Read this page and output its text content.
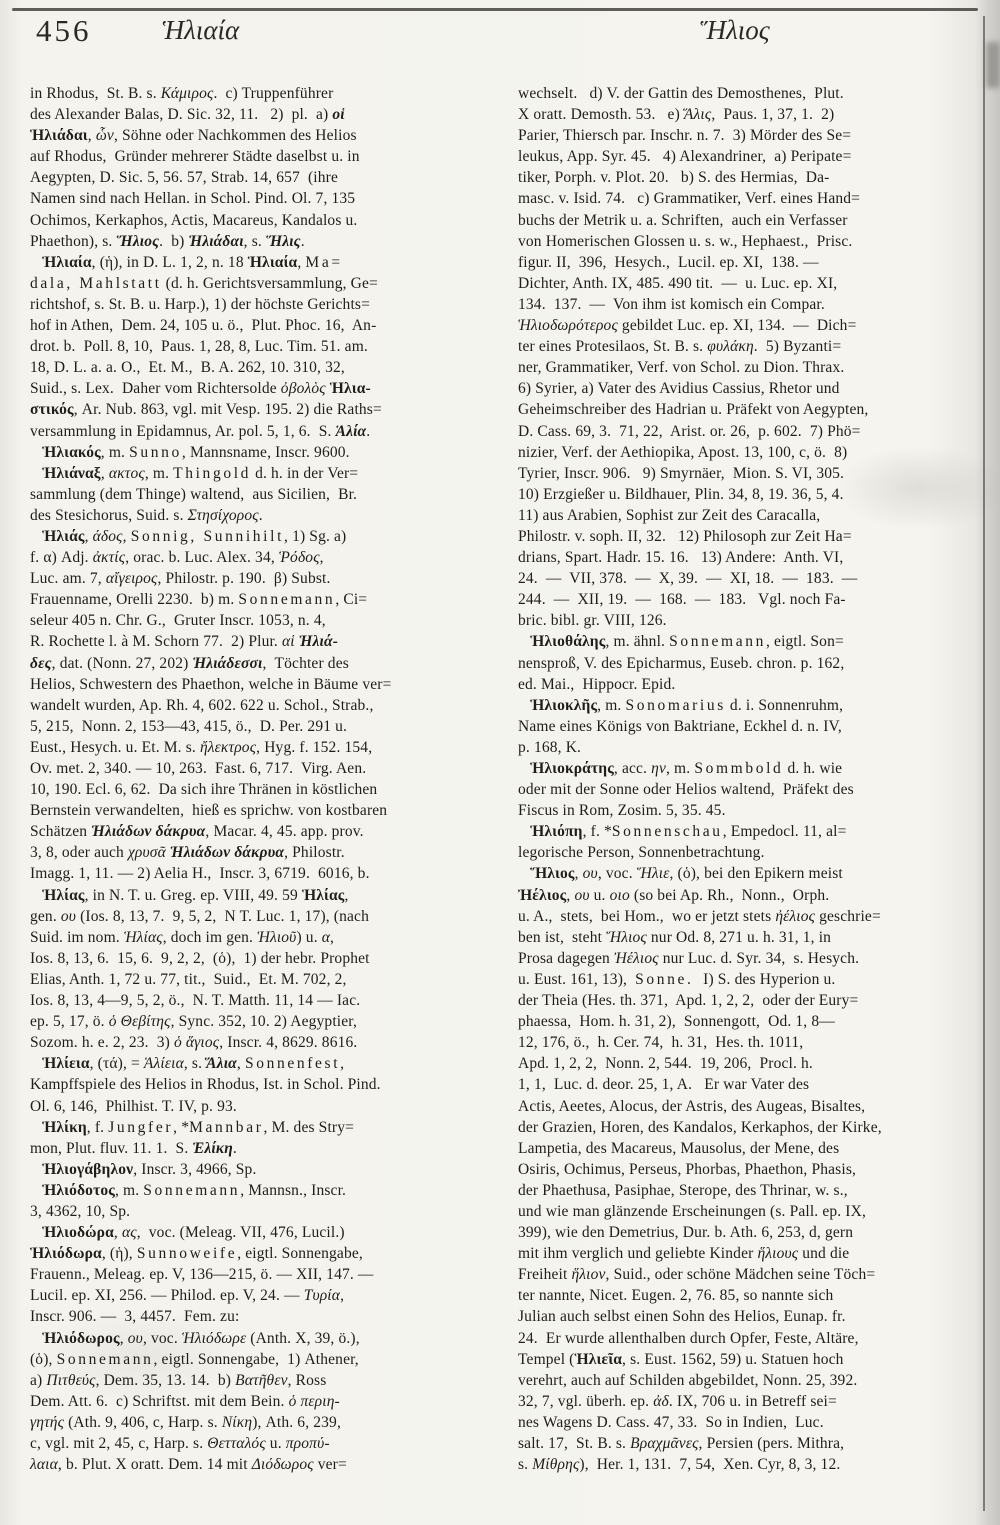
456	Ἡλιαία	Ἥλιος
in Rhodus,  St. B. s. Κάμιρος.  c) Truppenführer
des Alexander Balas, D. Sic. 32, 11.   2)  pl.  a) οἱ
Ἡλιάδαι, ὧν, Söhne oder Nachkommen des Helios
auf Rhodus,  Gründer mehrerer Städte daselbst u. in
Aegypten, D. Sic. 5, 56. 57, Strab. 14, 657  (ihre
Namen sind nach Hellan. in Schol. Pind. Ol. 7, 135
Ochimos, Kerkaphos, Actis, Macareus, Kandalos u.
Phaethon), s. Ἥλιος.  b) Ἡλιάδαι, s. Ἥλις.
Ἡλιαία, (ἡ), in D. L. 1, 2, n. 18 Ἡλιαία, Ma=
dala, Mahlstatt (d. h. Gerichtsversammlung, Ge=
richtshof, s. St. B. u. Harp.), 1) der höchste Gerichts=
hof in Athen,  Dem. 24, 105 u. ö.,  Plut. Phoc. 16,  An-
drot. b.  Poll. 8, 10,  Paus. 1, 28, 8, Luc. Tim. 51. am.
18, D. L. a. a. O.,  Et. M.,  B. A. 262, 10. 310, 32,
Suid., s. Lex.  Daher vom Richtersolde ὀβολὸς Ἡλια-
στικός, Ar. Nub. 863, vgl. mit Vesp. 195. 2) die Raths=
versammlung in Epidamnus, Ar. pol. 5, 1, 6.  S. Ἁλία.
Ἡλιακός, m. Sunno, Mannsname, Inscr. 9600.
Ἡλιάναξ, ακτος, m. Thingold d. h. in der Ver=
sammlung (dem Thinge) waltend,  aus Sicilien,  Br.
des Stesichorus, Suid. s. Στησίχορος.
Ἡλιάς, άδος, Sonnig, Sunnihilt, 1) Sg. a)
f. α) Adj. ἀκτίς, orac. b. Luc. Alex. 34, Ῥόδος,
Luc. am. 7, αἴγειρος, Philostr. p. 190.  β) Subst.
Frauenname, Orelli 2230.  b) m. Sonnemann, Ci=
seleur 405 n. Chr. G.,  Gruter Inscr. 1053, n. 4,
R. Rochette l. à M. Schorn 77.  2) Plur. αἱ Ἡλιά-
δες, dat. (Nonn. 27, 202) Ἡλιάδεσσι,  Töchter des
Helios, Schwestern des Phaethon, welche in Bäume ver=
wandelt wurden, Ap. Rh. 4, 602. 622 u. Schol., Strab.,
5, 215,  Nonn. 2, 153—43, 415, ö.,  D. Per. 291 u.
Eust., Hesych. u. Et. M. s. ἤλεκτρος, Hyg. f. 152. 154,
Ov. met. 2, 340. — 10, 263.  Fast. 6, 717.  Virg. Aen.
10, 190. Ecl. 6, 62.  Da sich ihre Thränen in köstlichen
Bernstein verwandelten,  hieß es sprichw. von kostbaren
Schätzen Ἡλιάδων δάκρυα, Macar. 4, 45. app. prov.
3, 8, oder auch χρυσᾶ Ἡλιάδων δάκρυα, Philostr.
Imagg. 1, 11. — 2) Aelia H.,  Inscr. 3, 6719.  6016, b.
Ἡλίας, in N. T. u. Greg. ep. VIII, 49. 59 Ἡλίας,
gen. ου (Ios. 8, 13, 7.  9, 5, 2,  N T. Luc. 1, 17), (nach
Suid. im nom. Ἡλίας, doch im gen. Ἡλιοῦ) u. α,
Ios. 8, 13, 6.  15, 6.  9, 2, 2,  (ὁ),  1) der hebr. Prophet
Elias, Anth. 1, 72 u. 77, tit.,  Suid.,  Et. M. 702, 2,
Ios. 8, 13, 4—9, 5, 2, ö.,  N. T. Matth. 11, 14 — Iac.
ep. 5, 17, ö. ὁ Θεβίτης, Sync. 352, 10. 2) Aegyptier,
Sozom. h. e. 2, 23.  3) ὁ ἅγιος, Inscr. 4, 8629. 8616.
Ἡλίεια, (τά), = Ἁλίεια, s. Ἅλια, Sonnenfest,
Kampffspiele des Helios in Rhodus, Ist. in Schol. Pind.
Ol. 6, 146,  Philhist. T. IV, p. 93.
Ἡλίκη, f. Jungfer, *Mannbar, M. des Stry=
mon, Plut. fluv. 11. 1.  S. Ἑλίκη.
Ἡλιογάβηλον, Inscr. 3, 4966, Sp.
Ἡλιόδοτος, m. Sonnemann, Mannsn., Inscr.
3, 4362, 10, Sp.
Ἡλιοδώρα, ας,  voc. (Meleag. VII, 476, Lucil.)
Ἡλιόδωρα, (ἡ), Sunnoweife, eigtl. Sonnengabe,
Frauenn., Meleag. ep. V, 136—215, ö. — XII, 147. —
Lucil. ep. XI, 256. — Philod. ep. V, 24. — Τυρία,
Inscr. 906. —  3, 4457.  Fem. zu:
Ἡλιόδωρος, ου, voc. Ἡλιόδωρε (Anth. X, 39, ö.),
(ὁ), Sonnemann, eigtl. Sonnengabe,  1) Athener,
a) Πιτθεύς, Dem. 35, 13. 14.  b) Βατῆθεν, Ross
Dem. Att. 6.  c) Schriftst. mit dem Bein. ὁ περιη-
γητής (Ath. 9, 406, c, Harp. s. Νίκη), Ath. 6, 239,
c, vgl. mit 2, 45, c, Harp. s. Θετταλός u. προπύ-
λαια, b. Plut. X oratt. Dem. 14 mit Διόδωρος ver=
wechselt.   d) V. der Gattin des Demosthenes,  Plut.
X oratt. Demosth. 53.   e) Ἅλις,  Paus. 1, 37, 1.  2)
Parier, Thiersch par. Inschr. n. 7.  3) Mörder des Se=
leukus, App. Syr. 45.   4) Alexandriner,  a) Peripate=
tiker, Porph. v. Plot. 20.   b) S. des Hermias,  Da-
masc. v. Isid. 74.   c) Grammatiker, Verf. eines Hand=
buchs der Metrik u. a. Schriften,  auch ein Verfasser
von Homerischen Glossen u. s. w., Hephaest.,  Prisc.
figur. II,  396,  Hesych.,  Lucil. ep. XI,  138. —
Dichter, Anth. IX, 485. 490 tit.  —  u. Luc. ep. XI,
134.  137.  —  Von ihm ist komisch ein Compar.
Ἡλιοδωρότερος gebildet Luc. ep. XI, 134.  —  Dich=
ter eines Protesilaos, St. B. s. φυλάκη.  5) Byzanti=
ner, Grammatiker, Verf. von Schol. zu Dion. Thrax.
6) Syrier, a) Vater des Avidius Cassius, Rhetor und
Geheimschreiber des Hadrian u. Präfekt von Aegypten,
D. Cass. 69, 3.  71, 22,  Arist. or. 26,  p. 602.  7) Phö=
nizier, Verf. der Aethiopika, Apost. 13, 100, c, ö.  8)
Tyrier, Inscr. 906.   9) Smyrnäer,  Mion. S. VI, 305.
10) Erzgießer u. Bildhauer, Plin. 34, 8, 19. 36, 5, 4.
11) aus Arabien, Sophist zur Zeit des Caracalla,
Philostr. v. soph. II, 32.   12) Philosoph zur Zeit Ha=
drians, Spart. Hadr. 15. 16.   13) Andere:  Anth. VI,
24.  —  VII, 378.  —  X, 39.  —  XI, 18.  —  183.  —
244.  —  XII, 19.  —  168.  —  183.   Vgl. noch Fa-
bric. bibl. gr. VIII, 126.
Ἡλιοθάλης, m. ähnl. Sonnemann, eigtl. Son=
nensproß, V. des Epicharmus, Euseb. chron. p. 162,
ed. Mai.,  Hippocr. Epid.
Ἡλιοκλῆς, m. Sonomarius d. i. Sonnenruhm,
Name eines Königs von Baktriane, Eckhel d. n. IV,
p. 168, K.
Ἡλιοκράτης, acc. ην, m. Sommbold d. h. wie
oder mit der Sonne oder Helios waltend,  Präfekt des
Fiscus in Rom, Zosim. 5, 35. 45.
Ἡλιόπη, f. *Sonnenschau, Empedocl. 11, al=
legorische Person, Sonnenbetrachtung.
Ἥλιος, ου, voc. Ἥλιε, (ὁ), bei den Epikern meist
Ἠέλιος, ου u. οιο (so bei Ap. Rh.,  Nonn.,  Orph.
u. A.,  stets,  bei Hom.,  wo er jetzt stets ἠέλιος geschrie=
ben ist,  steht Ἥλιος nur Od. 8, 271 u. h. 31, 1, in
Prosa dagegen Ἠέλιος nur Luc. d. Syr. 34,  s. Hesych.
u. Eust. 161, 13),  Sonne.   I) S. des Hyperion u.
der Theia (Hes. th. 371,  Apd. 1, 2, 2,  oder der Eury=
phaessa,  Hom. h. 31, 2),  Sonnengott,  Od. 1, 8—
12, 176, ö.,  h. Cer. 74,  h. 31,  Hes. th. 1011,
Apd. 1, 2, 2,  Nonn. 2, 544.  19, 206,  Procl. h.
1, 1,  Luc. d. deor. 25, 1, A.   Er war Vater des
Actis, Aeetes, Alocus, der Astris, des Augeas, Bisaltes,
der Grazien, Horen, des Kandalos, Kerkaphos, der Kirke,
Lampetia, des Macareus, Mausolus, der Mene, des
Osiris, Ochimus, Perseus, Phorbas, Phaethon, Phasis,
der Phaethusa, Pasiphae, Sterope, des Thrinar, w. s.,
und wie man glänzende Erscheinungen (s. Pall. ep. IX,
399), wie den Demetrius, Dur. b. Ath. 6, 253, d, gern
mit ihm verglich und geliebte Kinder ἥλιους und die
Freiheit ἥλιον, Suid., oder schöne Mädchen seine Töch=
ter nannte, Nicet. Eugen. 2, 76. 85, so nannte sich
Julian auch selbst einen Sohn des Helios, Eunap. fr.
24.  Er wurde allenthalben durch Opfer, Feste, Altäre,
Tempel (Ἡλιεῖα, s. Eust. 1562, 59) u. Statuen hoch
verehrt, auch auf Schilden abgebildet, Nonn. 25, 392.
32, 7, vgl. überh. ep. ἀδ. IX, 706 u. in Betreff sei=
nes Wagens D. Cass. 47, 33.  So in Indien,  Luc.
salt. 17,  St. B. s. Βραχμᾶνες, Persien (pers. Mithra,
s. Μίθρης),  Her. 1, 131.  7, 54,  Xen. Cyr, 8, 3, 12.
